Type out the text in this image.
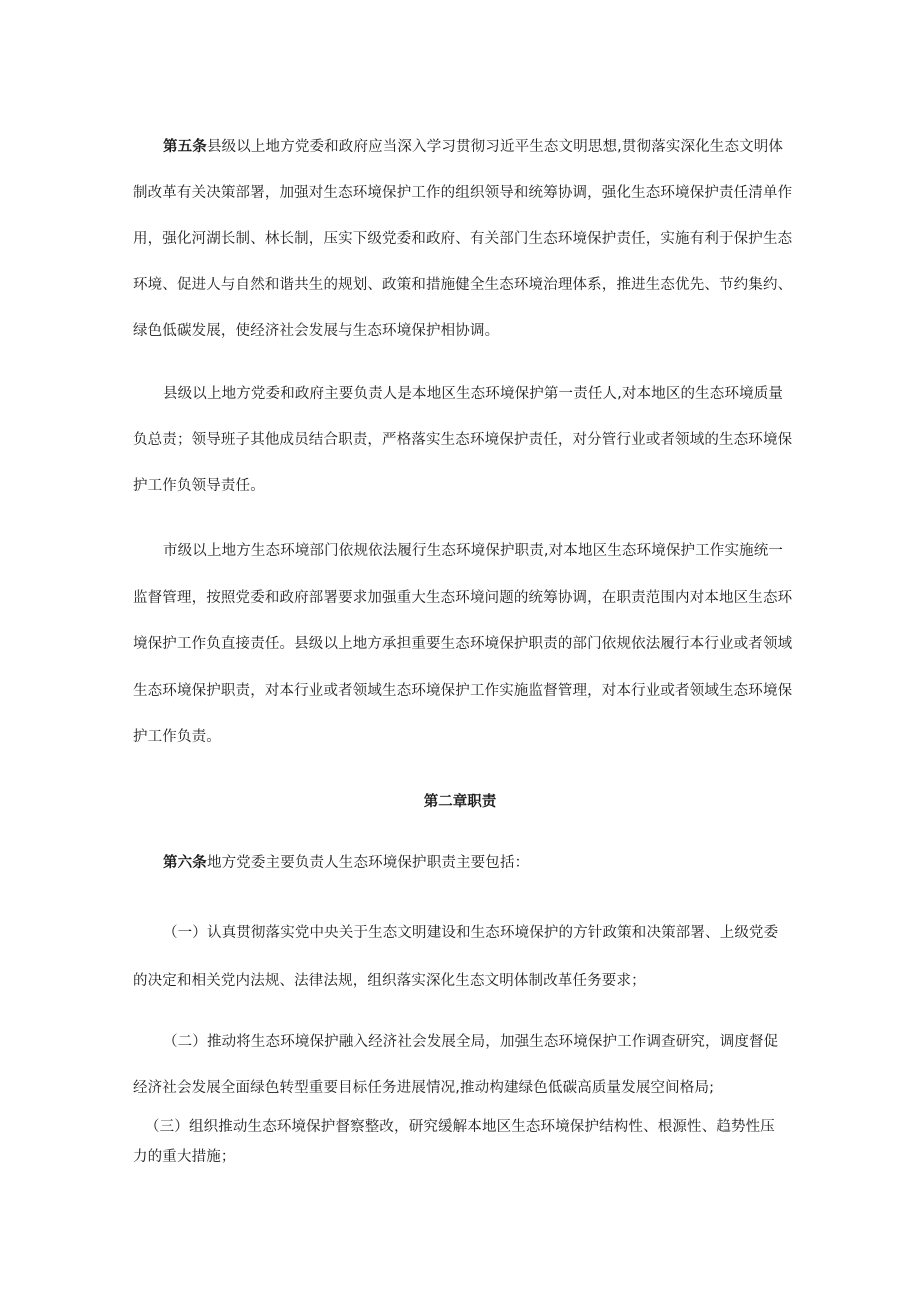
第五条县级以上地方党委和政府应当深入学习贯彻习近平生态文明思想,贯彻落实深化生态文明体
制改革有关决策部署，加强对生态环境保护工作的组织领导和统筹协调，强化生态环境保护责任清单作
用，强化河湖长制、林长制，压实下级党委和政府、有关部门生态环境保护责任，实施有利于保护生态
环境、促进人与自然和谐共生的规划、政策和措施健全生态环境治理体系，推进生态优先、节约集约、
绿色低碳发展，使经济社会发展与生态环境保护相协调。

县级以上地方党委和政府主要负责人是本地区生态环境保护第一责任人,对本地区的生态环境质量
负总责；领导班子其他成员结合职责，严格落实生态环境保护责任，对分管行业或者领域的生态环境保
护工作负领导责任。

市级以上地方生态环境部门依规依法履行生态环境保护职责,对本地区生态环境保护工作实施统一
监督管理，按照党委和政府部署要求加强重大生态环境问题的统筹协调，在职责范围内对本地区生态环
境保护工作负直接责任。县级以上地方承担重要生态环境保护职责的部门依规依法履行本行业或者领域
生态环境保护职责，对本行业或者领域生态环境保护工作实施监督管理，对本行业或者领域生态环境保
护工作负责。

第二章职责

第六条地方党委主要负责人生态环境保护职责主要包括：

（一）认真贯彻落实党中央关于生态文明建设和生态环境保护的方针政策和决策部署、上级党委
的决定和相关党内法规、法律法规，组织落实深化生态文明体制改革任务要求；

（二）推动将生态环境保护融入经济社会发展全局，加强生态环境保护工作调查研究，调度督促
经济社会发展全面绿色转型重要目标任务进展情况,推动构建绿色低碳高质量发展空间格局;

（三）组织推动生态环境保护督察整改，研究缓解本地区生态环境保护结构性、根源性、趋势性压
力的重大措施；
